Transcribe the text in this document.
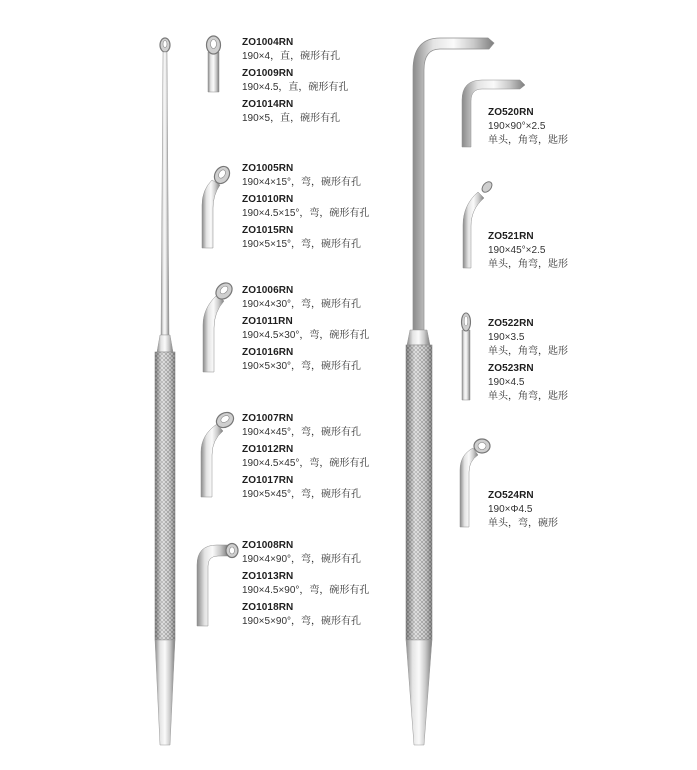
ZO1004RN
190×4，直，碗形有孔
ZO1009RN
190×4.5，直，碗形有孔
ZO1014RN
190×5，直，碗形有孔
ZO1005RN
190×4×15°，弯，碗形有孔
ZO1010RN
190×4.5×15°，弯，碗形有孔
ZO1015RN
190×5×15°，弯，碗形有孔
ZO1006RN
190×4×30°，弯，碗形有孔
ZO1011RN
190×4.5×30°，弯，碗形有孔
ZO1016RN
190×5×30°，弯，碗形有孔
ZO1007RN
190×4×45°，弯，碗形有孔
ZO1012RN
190×4.5×45°，弯，碗形有孔
ZO1017RN
190×5×45°，弯，碗形有孔
ZO1008RN
190×4×90°，弯，碗形有孔
ZO1013RN
190×4.5×90°，弯，碗形有孔
ZO1018RN
190×5×90°，弯，碗形有孔
ZO520RN
190×90°×2.5
单头，角弯，匙形
ZO521RN
190×45°×2.5
单头，角弯，匙形
ZO522RN
190×3.5
单头，角弯，匙形
ZO523RN
190×4.5
单头，角弯，匙形
ZO524RN
190×Φ4.5
单头，弯，碗形
